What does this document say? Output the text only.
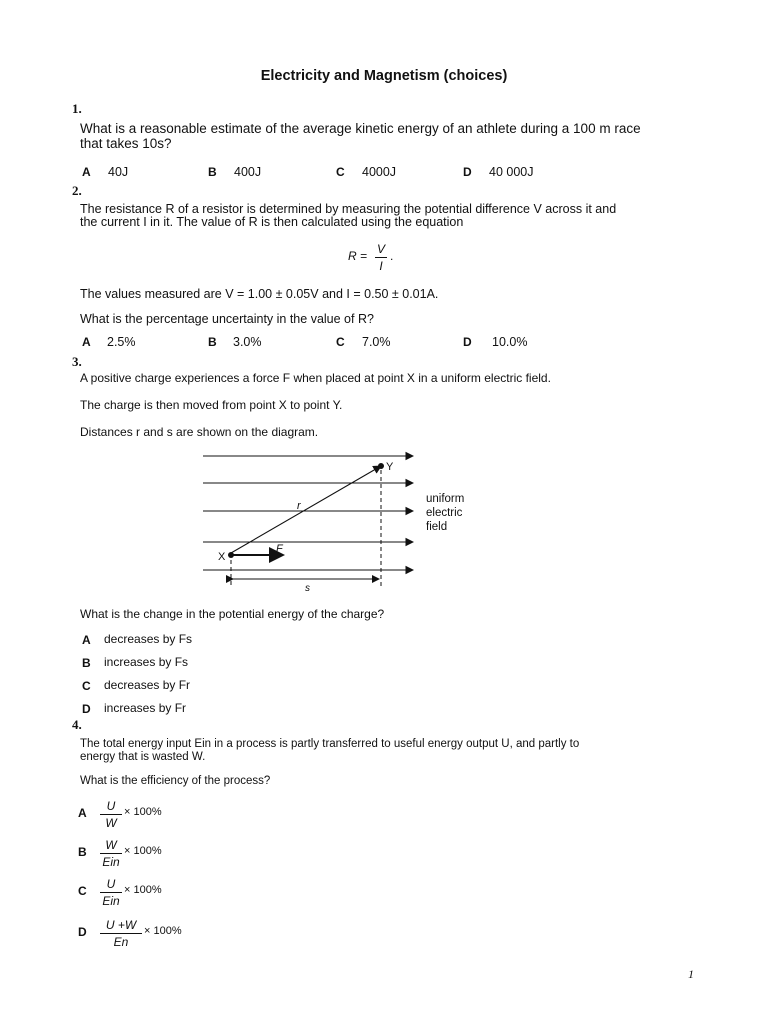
Electricity and Magnetism (choices)
1.
What is a reasonable estimate of the average kinetic energy of an athlete during a 100 m race
that takes 10s?
A 40J	B 400J	C 4000J	D 40 000J
2.
The resistance R of a resistor is determined by measuring the potential difference V across it and
the current I in it. The value of R is then calculated using the equation
R = V
I
.
The values measured are V = 1.00 ± 0.05V and I = 0.50 ± 0.01A.
What is the percentage uncertainty in the value of R?
A 2.5%	B 3.0%	C 7.0%	D 10.0%
3.
A positive charge experiences a force F when placed at point X in a uniform electric field.
The charge is then moved from point X to point Y.
Distances r and s are shown on the diagram.
Y
X
F
r
s
uniform
electric
field
What is the change in the potential energy of the charge?
A decreases by Fs
B increases by Fs
C decreases by Fr
D increases by Fr
4.
The total energy input Ein in a process is partly transferred to useful energy output U, and partly to
energy that is wasted W.
What is the efficiency of the process?
A	U
W
× 100%
B	W
Ein
× 100%
C	U
Ein
× 100%
D	U +W
En
× 100%
1
